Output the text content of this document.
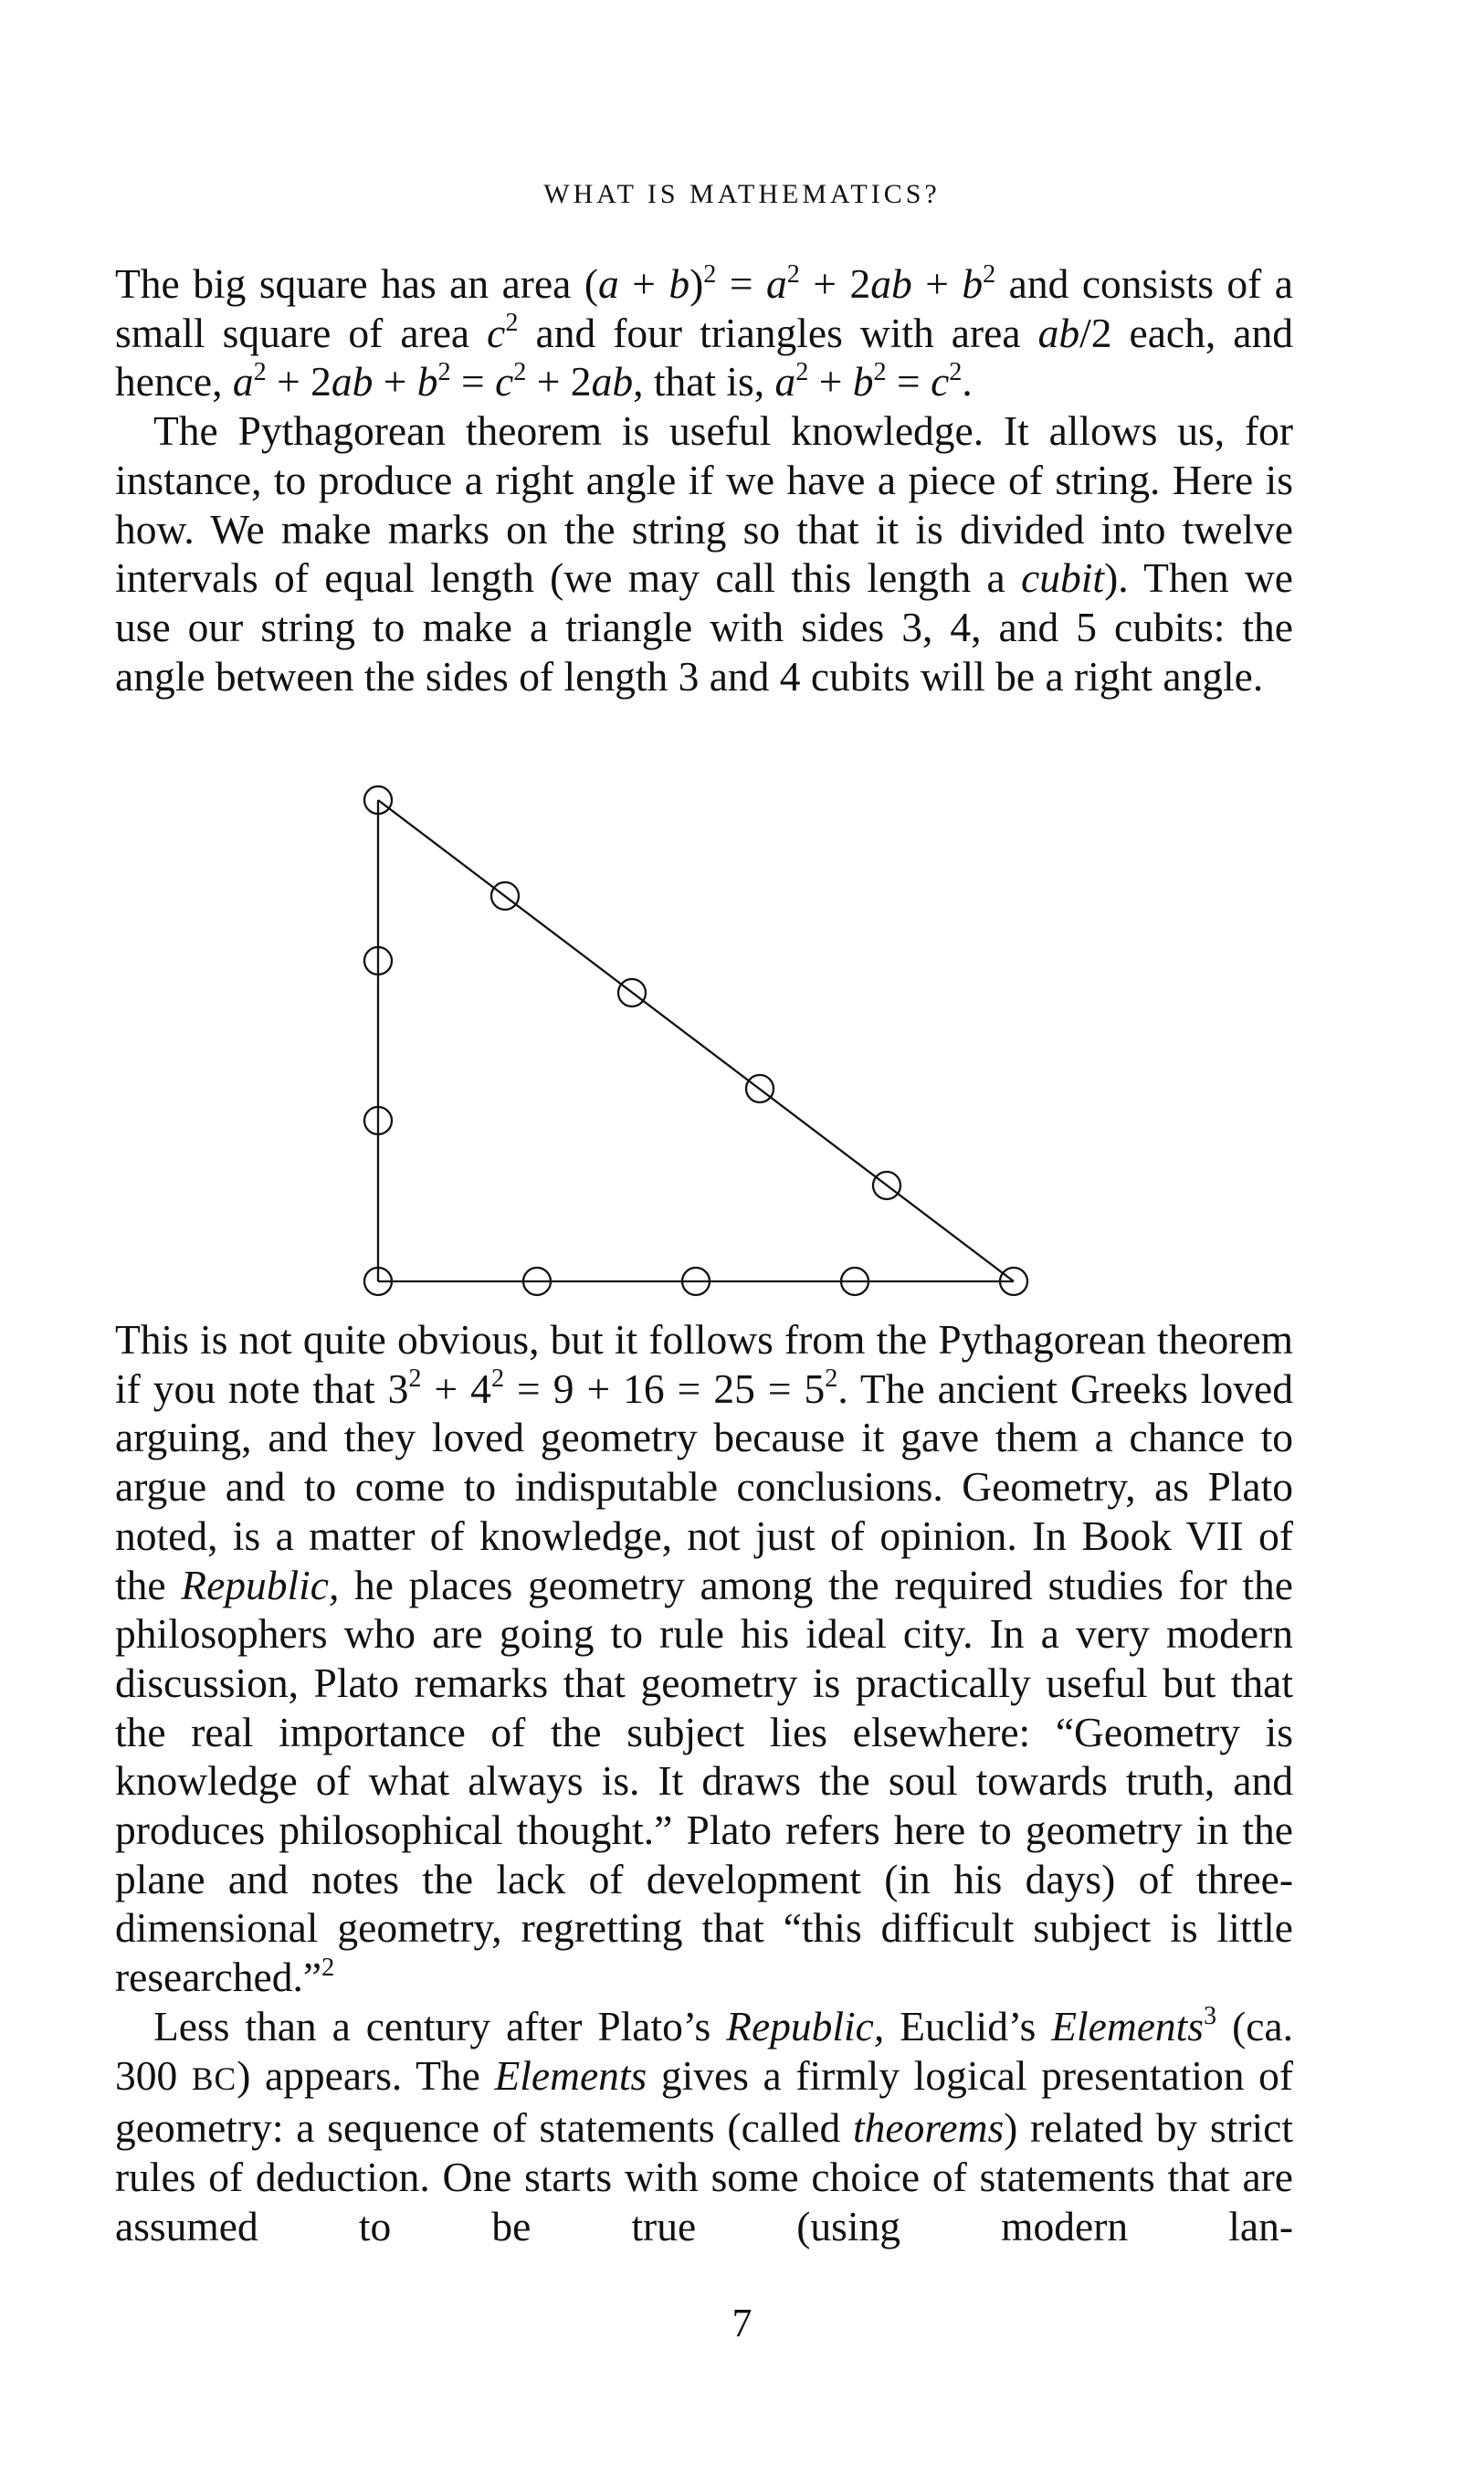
WHAT IS MATHEMATICS?

The big square has an area $(a + b)^2 = a^2 + 2ab + b^2$ and consists of a small square of area $c^2$ and four triangles with area ab/2 each, and hence, $a^2 + 2ab + b^2 = c^2 + 2ab$, that is, $a^2 + b^2 = c^2$.

The Pythagorean theorem is useful knowledge. It allows us, for instance, to produce a right angle if we have a piece of string. Here is how. We make marks on the string so that it is divided into twelve intervals of equal length (we may call this length a cubit). Then we use our string to make a triangle with sides 3, 4, and 5 cubits: the angle between the sides of length 3 and 4 cubits will be a right angle.

This is not quite obvious, but it follows from the Pythagorean theorem if you note that $3^2 + 4^2 = 9 + 16 = 25 = 5^2$. The ancient Greeks loved arguing, and they loved geometry because it gave them a chance to argue and to come to indisputable conclusions. Geometry, as Plato noted, is a matter of knowledge, not just of opinion. In Book VII of the Republic, he places geometry among the required studies for the philosophers who are going to rule his ideal city. In a very modern discussion, Plato remarks that geometry is practically useful but that the real importance of the subject lies elsewhere: “Geometry is knowledge of what always is. It draws the soul towards truth, and produces philosophical thought.” Plato refers here to geometry in the plane and notes the lack of development (in his days) of three-dimensional geometry, regretting that “this difficult subject is little researched.”$^2$

Less than a century after Plato’s Republic, Euclid’s Elements$^3$ (ca. 300 BC) appears. The Elements gives a firmly logical presentation of geometry: a sequence of statements (called theorems) related by strict rules of deduction. One starts with some choice of statements that are assumed to be true (using modern lan-

7
